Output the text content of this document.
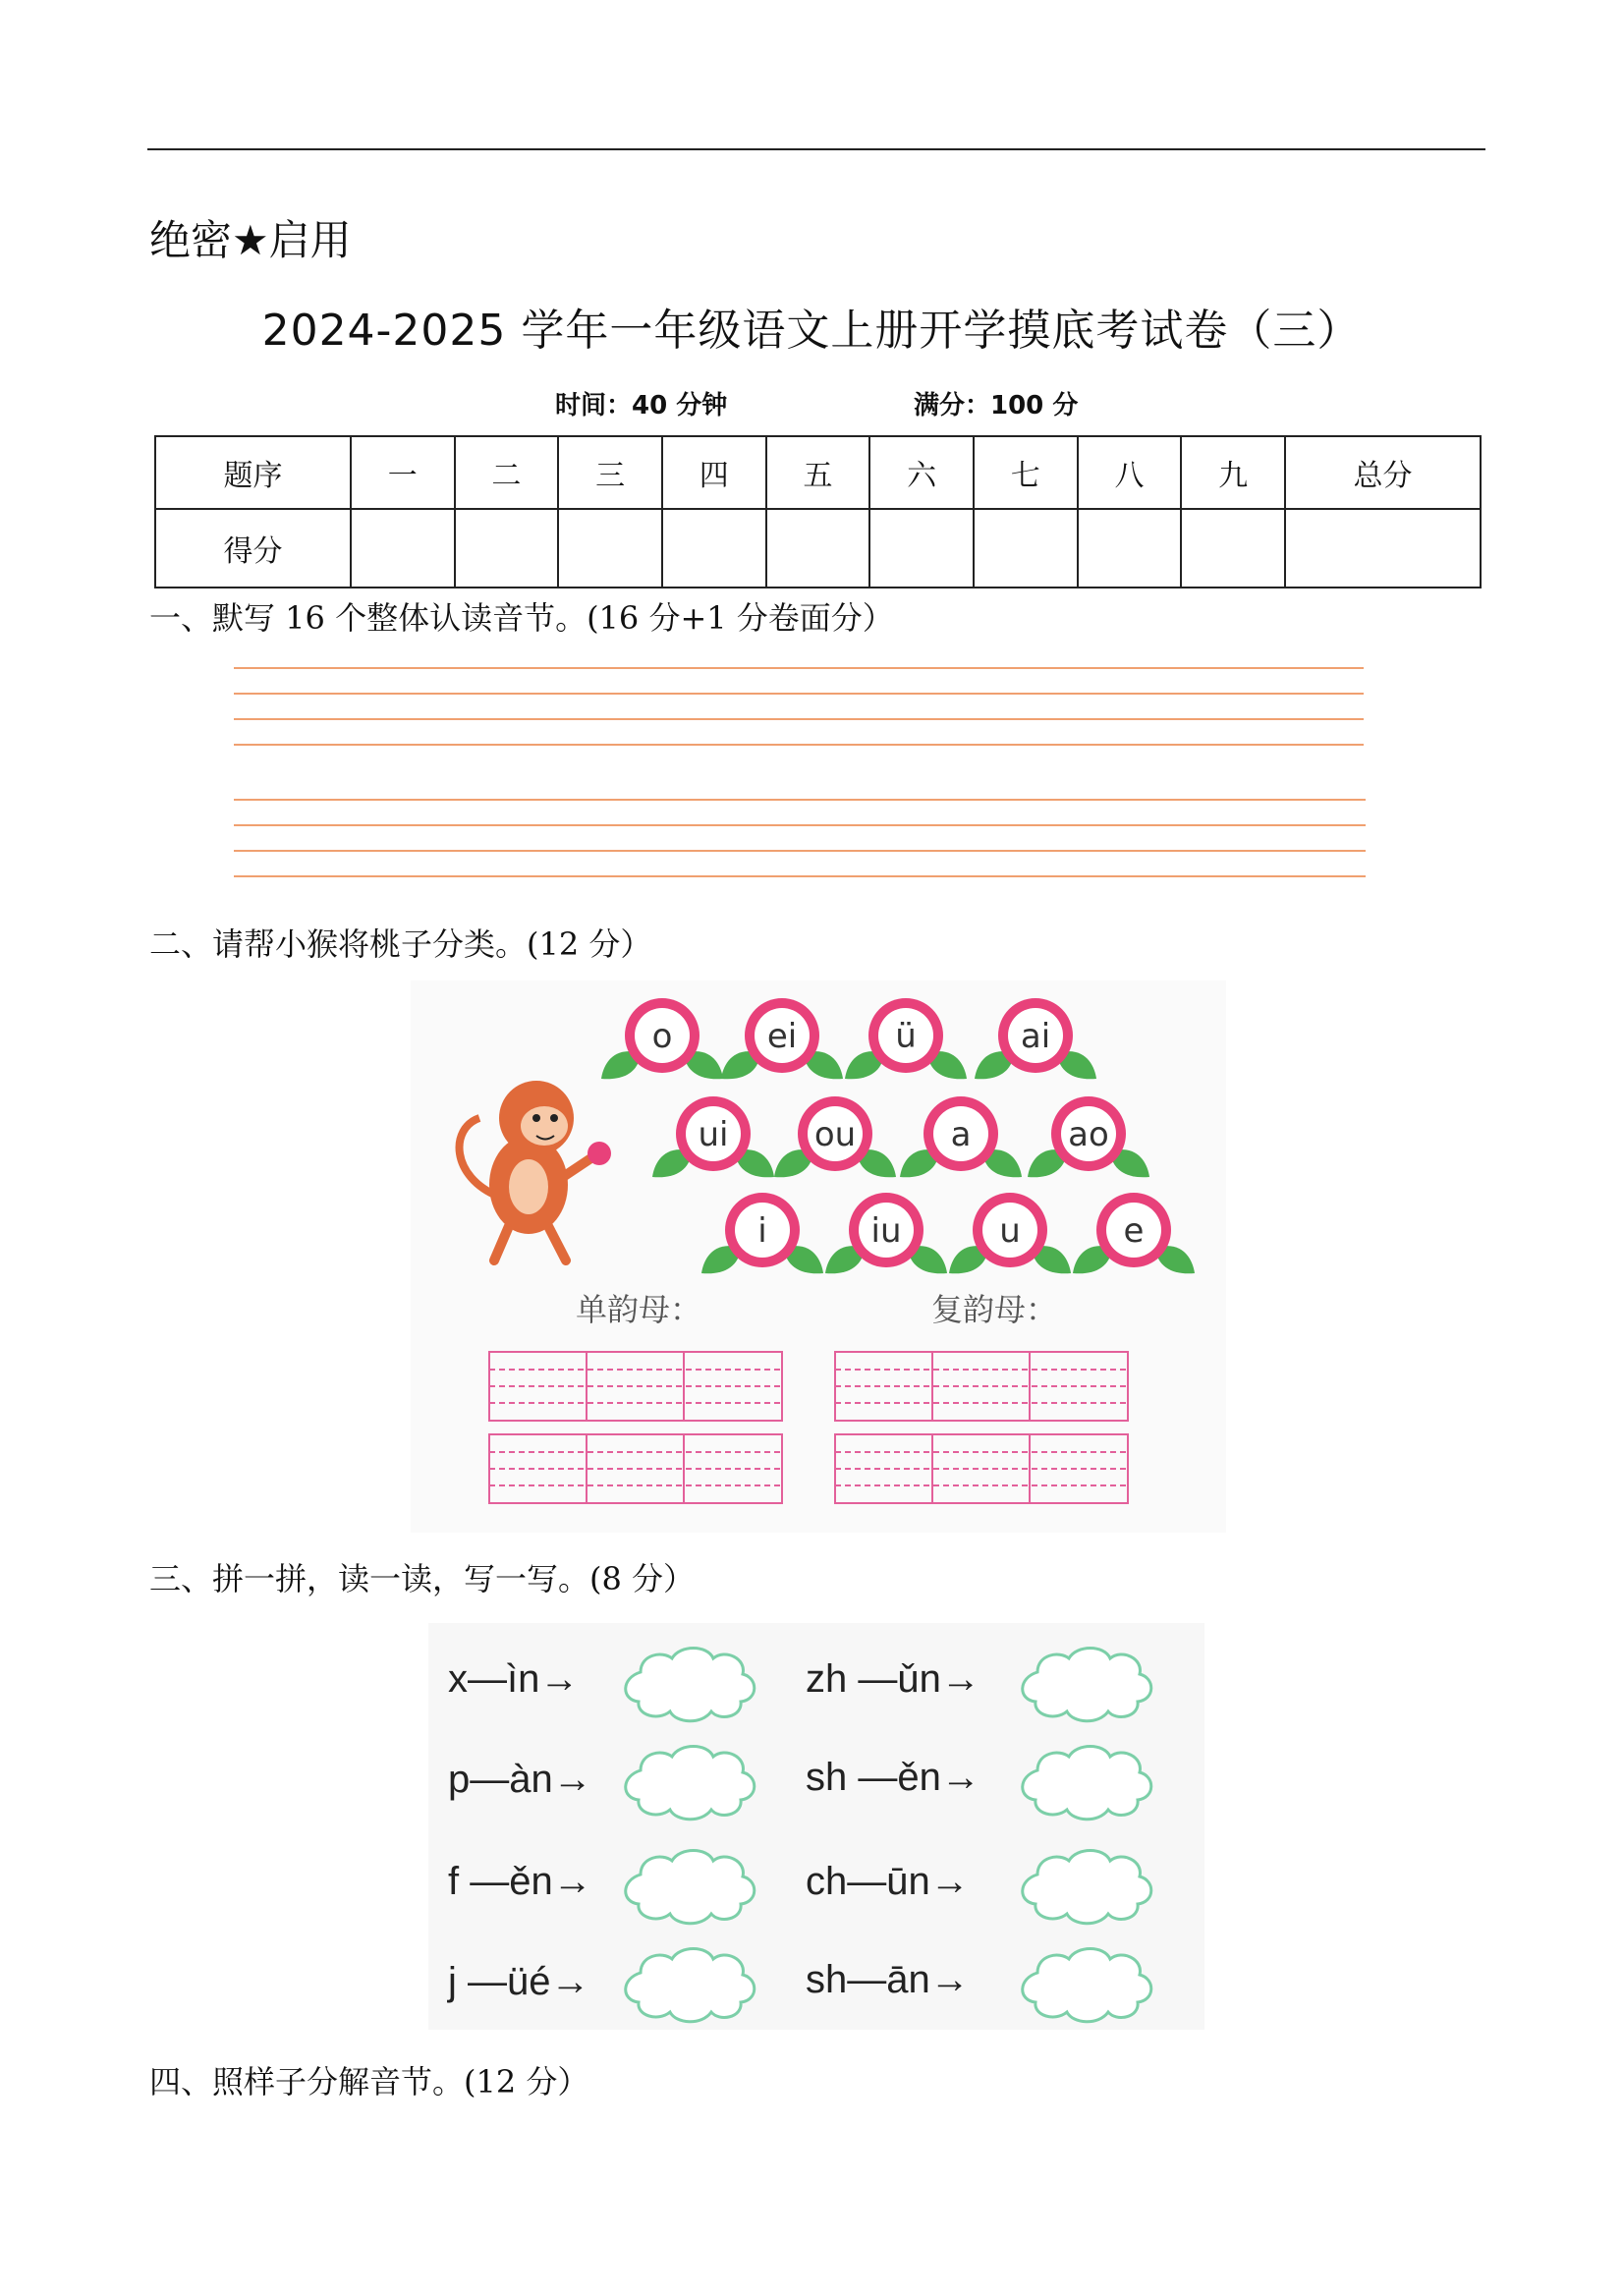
绝密★启用
2024-2025 学年一年级语文上册开学摸底考试卷（三）
时间：40 分钟	满分：100 分
题序	一	二	三	四	五	六	七	八	九	总分
得分										
一、默写 16 个整体认读音节。(16 分+1 分卷面分）
二、请帮小猴将桃子分类。(12 分）
o	ei	ü	ai
ui	ou	a	ao
i	iu	u	e
单韵母：	复韵母：
三、拼一拼，读一读，写一写。(8 分）
x—ìn→	zh —ǔn→
p—àn→	sh —ěn→
f —ěn→	ch—ūn→
j —üé→	sh—ān→
四、照样子分解音节。(12 分）
